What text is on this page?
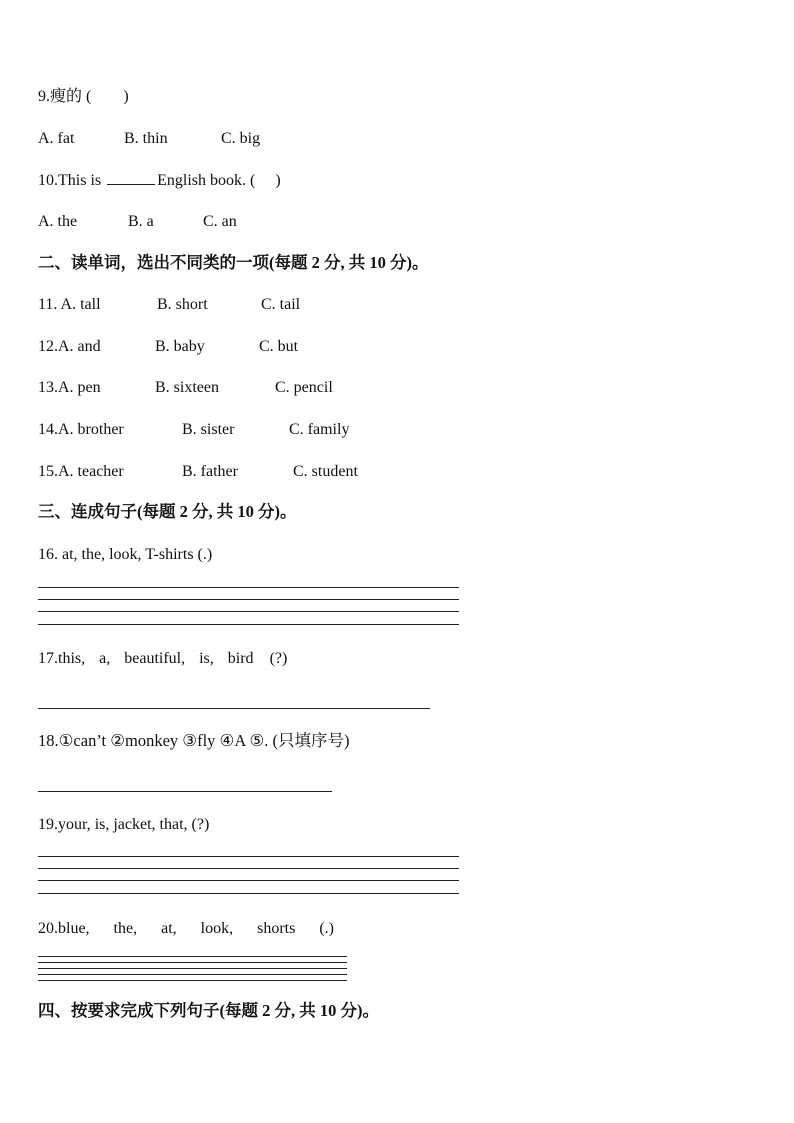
9.瘦的 (  )
A. fat	B. thin	C. big
10.This is	English book. (  )
A. the	B. a	C. an
二、读单词，选出不同类的一项(每题 2 分, 共 10 分)。
11. A. tall	B. short	C. tail
12.A. and	B. baby	C. but
13.A. pen	B. sixteen	C. pencil
14.A. brother	B. sister	C. family
15.A. teacher	B. father	C. student
三、连成句子(每题 2 分, 共 10 分)。
16. at, the, look, T-shirts (.)
17.this, a, beautiful, is, bird (?)
18.①can’t ②monkey ③fly ④A ⑤. (只填序号)
19.your, is, jacket, that, (?)
20.blue, the, at, look, shorts (.)
四、按要求完成下列句子(每题 2 分, 共 10 分)。
